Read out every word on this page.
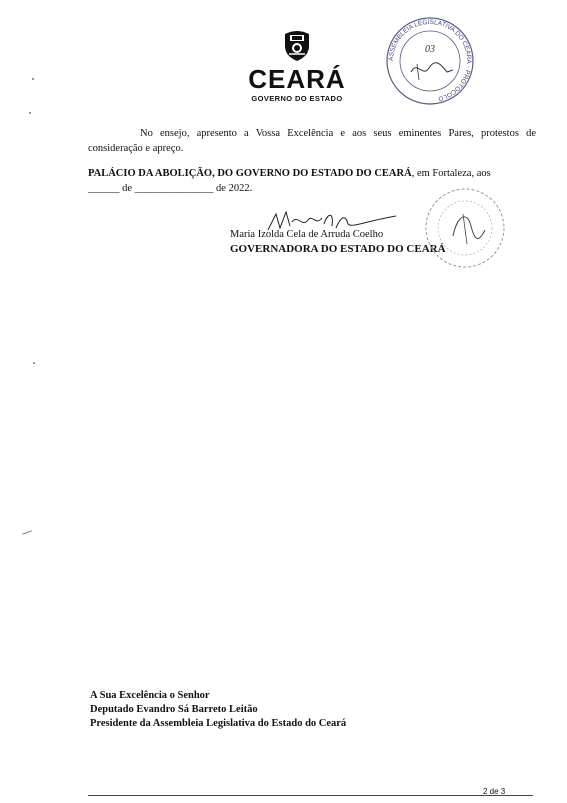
CEARÁ
GOVERNO DO ESTADO
ASSEMBLEIA LEGISLATIVA DO CEARÁ · PROTOCOLO
03
No ensejo, apresento a Vossa Excelência e aos seus eminentes Pares, protestos de consideração e apreço.
PALÁCIO DA ABOLIÇÃO, DO GOVERNO DO ESTADO DO CEARÁ, em Fortaleza, aos
______ de _______________ de 2022.
Maria Izolda Cela de Arruda Coelho
GOVERNADORA DO ESTADO DO CEARÁ
A Sua Excelência o Senhor
Deputado Evandro Sá Barreto Leitão
Presidente da Assembleia Legislativa do Estado do Ceará
2 de 3
